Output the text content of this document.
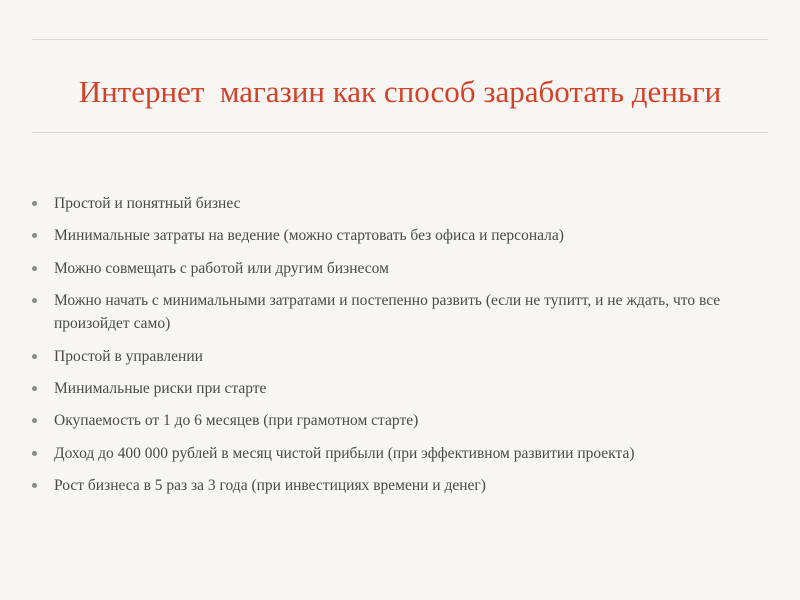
Интернет  магазин как способ заработать деньги
Простой и понятный бизнес
Минимальные затраты на ведение (можно стартовать без офиса и персонала)
Можно совмещать с работой или другим бизнесом
Можно начать с минимальными затратами и постепенно развить (если не тупитт, и не ждать, что все произойдет само)
Простой в управлении
Минимальные риски при старте
Окупаемость от 1 до 6 месяцев (при грамотном старте)
Доход до 400 000 рублей в месяц чистой прибыли (при эффективном развитии проекта)
Рост бизнеса в 5 раз за 3 года (при инвестициях времени и денег)
